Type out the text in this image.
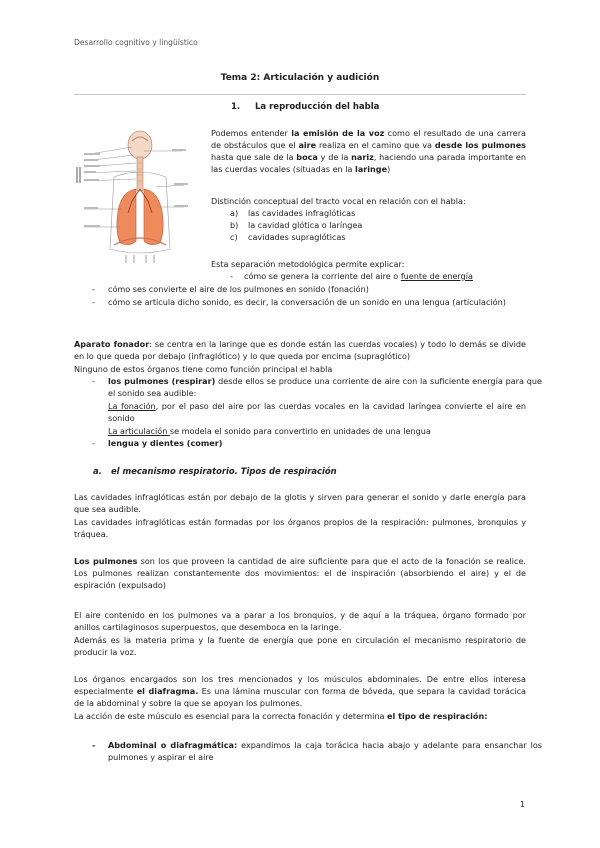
Desarrollo cognitivo y lingüístico
Tema 2: Articulación y audición
1. La reproducción del habla
Podemos entender la emisión de la voz como el resultado de una carrera de obstáculos que el aire realiza en el camino que va desde los pulmones hasta que sale de la boca y de la nariz, haciendo una parada importante en las cuerdas vocales (situadas en la laringe)
Distinción conceptual del tracto vocal en relación con el habla:
a) las cavidades infraglóticas
b) la cavidad glótica o laríngea
c) cavidades supraglóticas
Esta separación metodológica permite explicar:
- cómo se genera la corriente del aire o fuente de energía
- cómo ses convierte el aire de los pulmones en sonido (fonación)
- cómo se articula dicho sonido, es decir, la conversación de un sonido en una lengua (articulación)
Aparato fonador: se centra en la laringe que es donde están las cuerdas vocales) y todo lo demás se divide en lo que queda por debajo (infraglótico) y lo que queda por encima (supraglótico)
Ninguno de estos órganos tiene como función principal el habla
- los pulmones (respirar) desde ellos se produce una corriente de aire con la suficiente energía para que el sonido sea audible:
La fonación, por el paso del aire por las cuerdas vocales en la cavidad laríngea convierte el aire en sonido
La articulación se modela el sonido para convertirlo en unidades de una lengua
- lengua y dientes (comer)
a. el mecanismo respiratorio. Tipos de respiración
Las cavidades infraglóticas están por debajo de la glotis y sirven para generar el sonido y darle energía para que sea audible.
Las cavidades infraglóticas están formadas por los órganos propios de la respiración: pulmones, bronquios y tráquea.
Los pulmones son los que proveen la cantidad de aire suficiente para que el acto de la fonación se realice. Los pulmones realizan constantemente dos movimientos: el de inspiración (absorbiendo el aire) y el de espiración (expulsado)
El aire contenido en los pulmones va a parar a los bronquios, y de aquí a la tráquea, órgano formado por anillos cartilaginosos superpuestos, que desemboca en la laringe.
Además es la materia prima y la fuente de energía que pone en circulación el mecanismo respiratorio de producir la voz.
Los órganos encargados son los tres mencionados y los músculos abdominales. De entre ellos interesa especialmente el diafragma. Es una lámina muscular con forma de bóveda, que separa la cavidad torácica de la abdominal y sobre la que se apoyan los pulmones.
La acción de este músculo es esencial para la correcta fonación y determina el tipo de respiración:
- Abdominal o diafragmática: expandimos la caja torácica hacia abajo y adelante para ensanchar los pulmones y aspirar el aire
1
